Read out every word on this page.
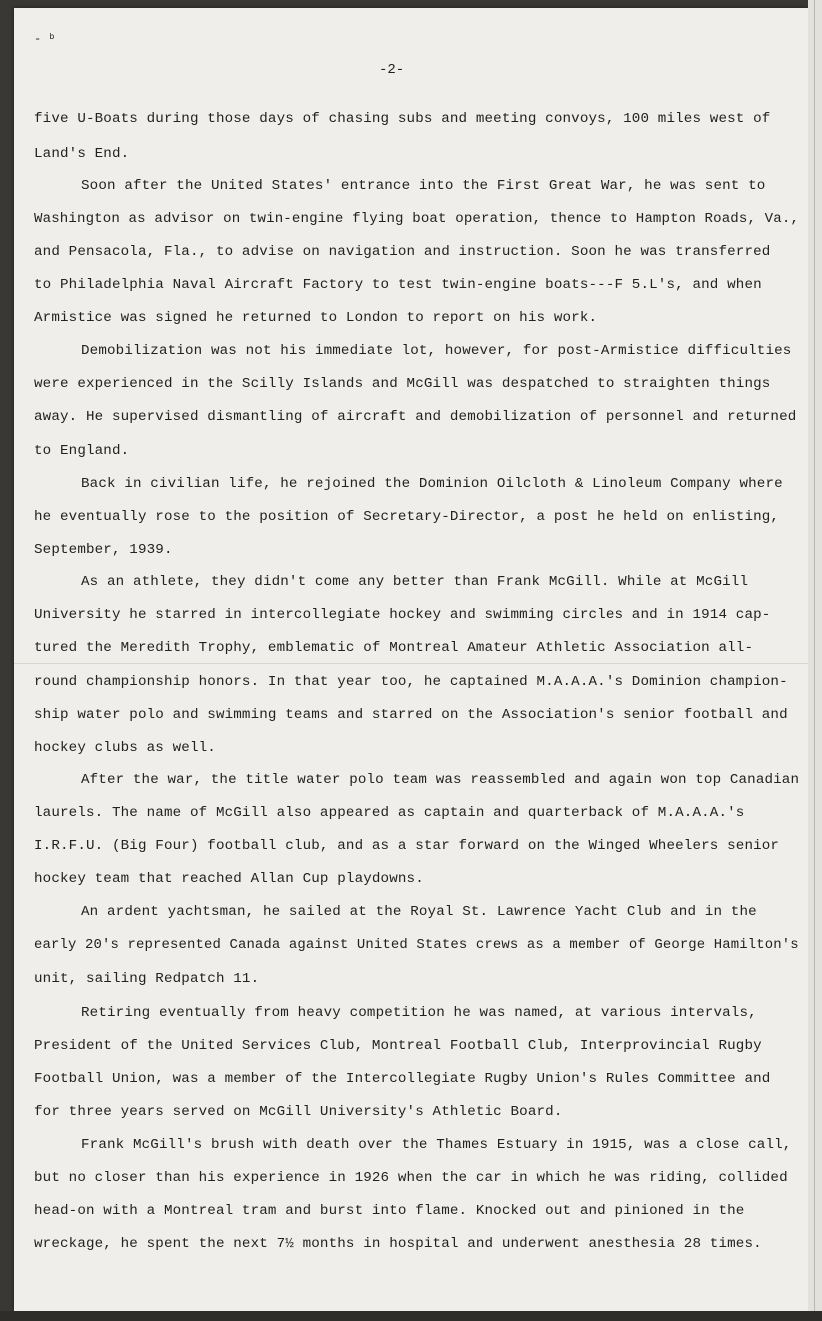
- ᵇ
-2-
five U-Boats during those days of chasing subs and meeting convoys, 100 miles west of
Land's End.
Soon after the United States' entrance into the First Great War, he was sent to
Washington as advisor on twin-engine flying boat operation, thence to Hampton Roads, Va.,
and Pensacola, Fla., to advise on navigation and instruction. Soon he was transferred
to Philadelphia Naval Aircraft Factory to test twin-engine boats---F 5.L's, and when
Armistice was signed he returned to London to report on his work.
Demobilization was not his immediate lot, however, for post-Armistice difficulties
were experienced in the Scilly Islands and McGill was despatched to straighten things
away. He supervised dismantling of aircraft and demobilization of personnel and returned
to England.
Back in civilian life, he rejoined the Dominion Oilcloth & Linoleum Company where
he eventually rose to the position of Secretary-Director, a post he held on enlisting,
September, 1939.
As an athlete, they didn't come any better than Frank McGill. While at McGill
University he starred in intercollegiate hockey and swimming circles and in 1914 cap-
tured the Meredith Trophy, emblematic of Montreal Amateur Athletic Association all-
round championship honors. In that year too, he captained M.A.A.A.'s Dominion champion-
ship water polo and swimming teams and starred on the Association's senior football and
hockey clubs as well.
After the war, the title water polo team was reassembled and again won top Canadian
laurels. The name of McGill also appeared as captain and quarterback of M.A.A.A.'s
I.R.F.U. (Big Four) football club, and as a star forward on the Winged Wheelers senior
hockey team that reached Allan Cup playdowns.
An ardent yachtsman, he sailed at the Royal St. Lawrence Yacht Club and in the
early 20's represented Canada against United States crews as a member of George Hamilton's
unit, sailing Redpatch 11.
Retiring eventually from heavy competition he was named, at various intervals,
President of the United Services Club, Montreal Football Club, Interprovincial Rugby
Football Union, was a member of the Intercollegiate Rugby Union's Rules Committee and
for three years served on McGill University's Athletic Board.
Frank McGill's brush with death over the Thames Estuary in 1915, was a close call,
but no closer than his experience in 1926 when the car in which he was riding, collided
head-on with a Montreal tram and burst into flame. Knocked out and pinioned in the
wreckage, he spent the next 7½ months in hospital and underwent anesthesia 28 times.
